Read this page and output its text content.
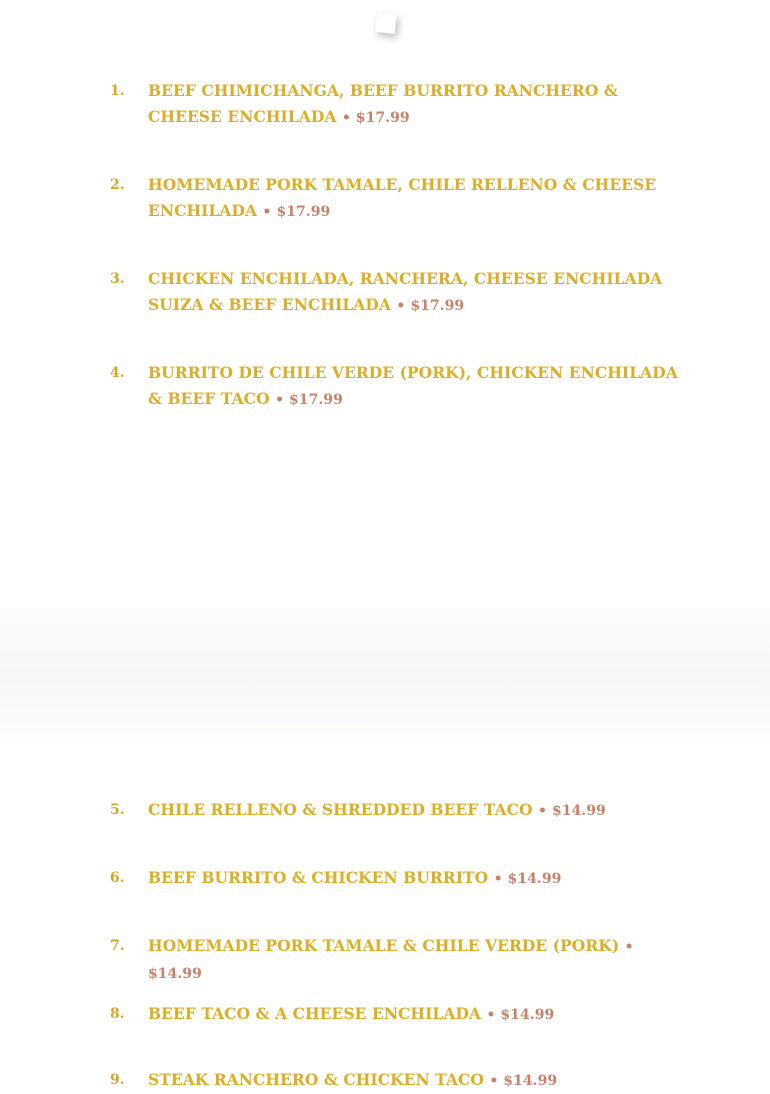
1.	BEEF CHIMICHANGA, BEEF BURRITO RANCHERO & CHEESE ENCHILADA • $17.99
2.	HOMEMADE PORK TAMALE, CHILE RELLENO & CHEESE ENCHILADA • $17.99
3.	CHICKEN ENCHILADA, RANCHERA, CHEESE ENCHILADA SUIZA & BEEF ENCHILADA • $17.99
4.	BURRITO DE CHILE VERDE (PORK), CHICKEN ENCHILADA & BEEF TACO • $17.99
5.	CHILE RELLENO & SHREDDED BEEF TACO • $14.99
6.	BEEF BURRITO & CHICKEN BURRITO • $14.99
7.	HOMEMADE PORK TAMALE & CHILE VERDE (PORK) • $14.99
8.	BEEF TACO & A CHEESE ENCHILADA • $14.99
9.	STEAK RANCHERO & CHICKEN TACO • $14.99
